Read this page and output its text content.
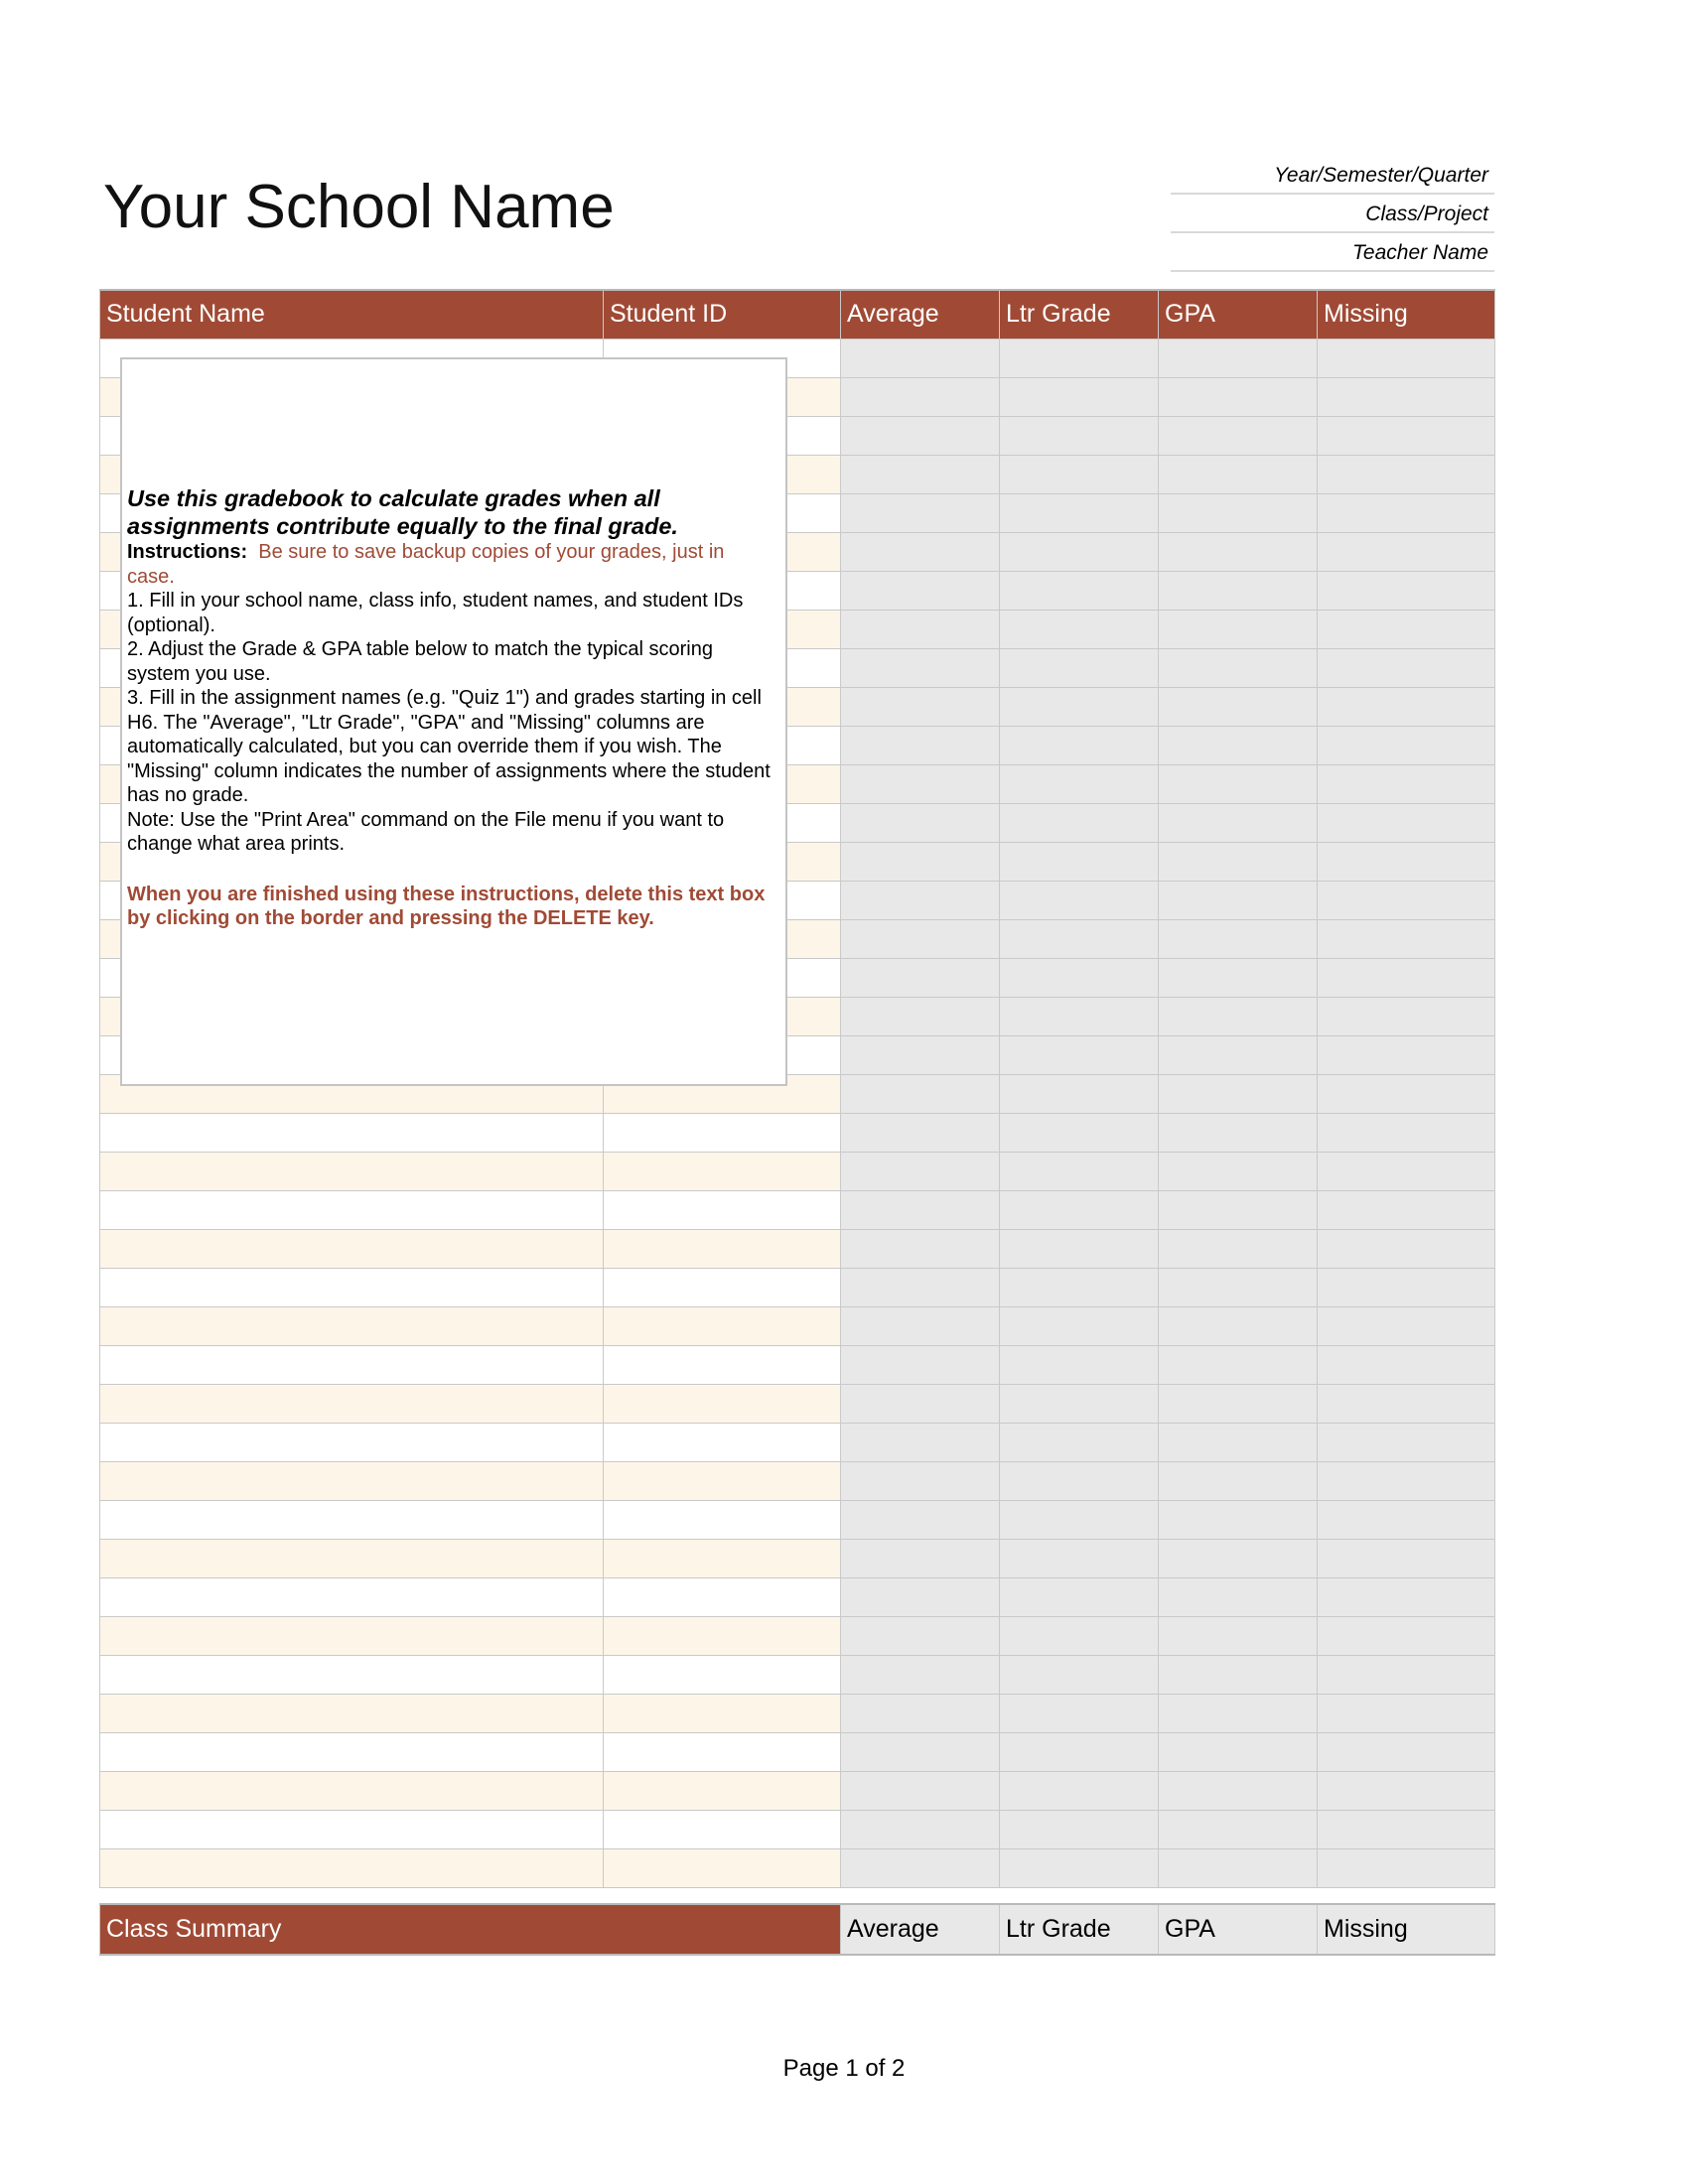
Your School Name	Year/Semester/Quarter
Class/Project
Teacher Name
Student Name	Student ID	Average	Ltr Grade	GPA	Missing

Class Summary	Average	Ltr Grade	GPA	Missing
Use this gradebook to calculate grades when all assignments contribute equally to the final grade.
Instructions: Be sure to save backup copies of your grades, just in case.
1. Fill in your school name, class info, student names, and student IDs (optional).
2. Adjust the Grade & GPA table below to match the typical scoring system you use.
3. Fill in the assignment names (e.g. "Quiz 1") and grades starting in cell H6. The "Average", "Ltr Grade", "GPA" and "Missing" columns are automatically calculated, but you can override them if you wish. The "Missing" column indicates the number of assignments where the student has no grade.
Note: Use the "Print Area" command on the File menu if you want to change what area prints.
When you are finished using these instructions, delete this text box by clicking on the border and pressing the DELETE key.
Page 1 of 2
